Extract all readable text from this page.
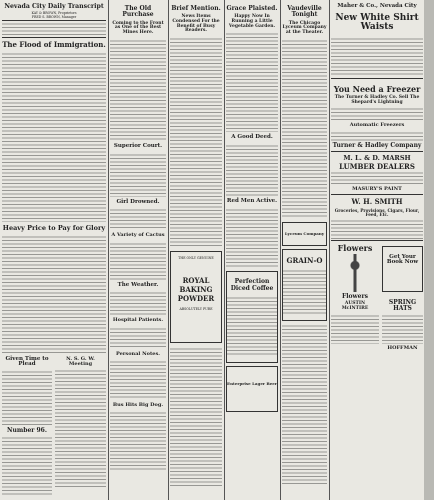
Nevada City Daily Transcript
KAY & BROWN, Proprietors
FRED S. BROWN, Manager
The Flood of Immigration.
Heavy Price to Pay for Glory
Given Time to Plead
Number 96.
N. S. G. W. Meeting
The Old Purchase
Coming to the Front as One of the Best Mines Here.
Superior Court.
Girl Drowned.
A Variety of Cactus
The Weather.
Hospital Patients.
Personal Notes.
Bus Hits Big Dog.
Brief Mention.
News Items Condensed For the Benefit of Busy Readers.
THE ONLY GENUINE
ROYAL BAKING POWDER
ABSOLUTELY PURE
Grace Plaisted.
Happy Now In Running a Little Vegetable Garden.
A Good Deed.
Red Men Active.
Perfection Diced Coffee
Enterprise Lager Beer
Vaudeville Tonight
The Chicago Lyceum Company at the Theater.
Lyceum Company
GRAIN-O
Maher & Co., Nevada City
New White Shirt Waists
You Need a Freezer
The Turner & Hadley Co. Sell The Shepard's Lightning
Automatic Freezers
Turner & Hadley Company
M. L. & D. MARSH
LUMBER DEALERS
MASURY'S PAINT
W. H. SMITH
Groceries, Provisions, Cigars, Flour, Feed, Etc.
Flowers
Flowers
AUSTIN McINTIRE
Get Your Book Now
SPRING HATS
HOFFMAN
